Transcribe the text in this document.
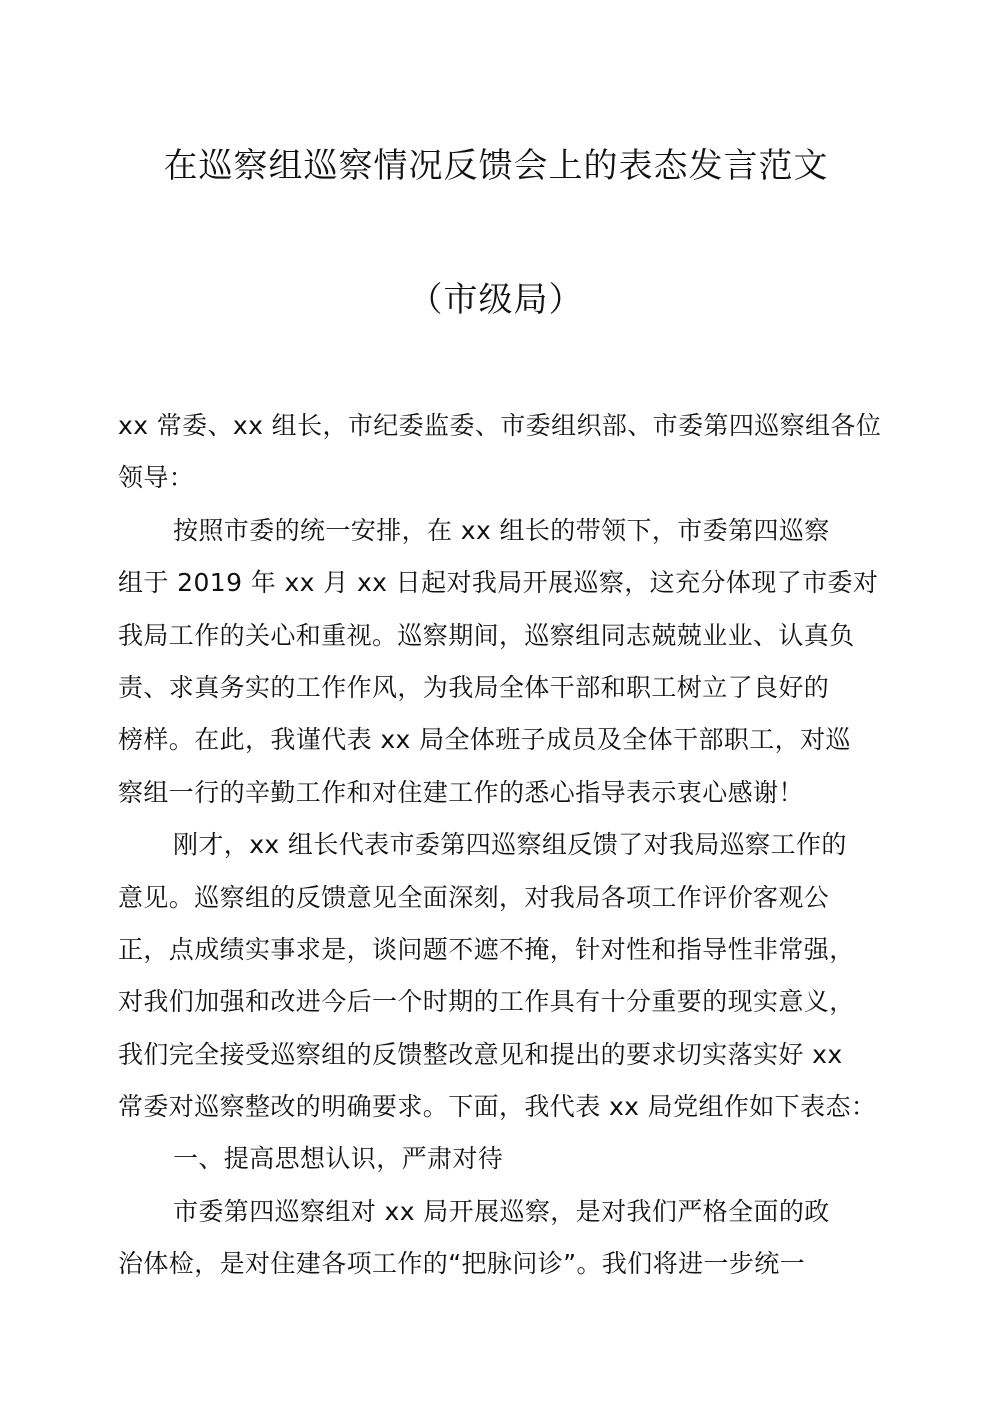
在巡察组巡察情况反馈会上的表态发言范文
（市级局）
xx 常委、xx 组长，市纪委监委、市委组织部、市委第四巡察组各位
领导：
按照市委的统一安排，在 xx 组长的带领下，市委第四巡察
组于 2019 年 xx 月 xx 日起对我局开展巡察，这充分体现了市委对
我局工作的关心和重视。巡察期间，巡察组同志兢兢业业、认真负
责、求真务实的工作作风，为我局全体干部和职工树立了良好的
榜样。在此，我谨代表 xx 局全体班子成员及全体干部职工，对巡
察组一行的辛勤工作和对住建工作的悉心指导表示衷心感谢！
刚才，xx 组长代表市委第四巡察组反馈了对我局巡察工作的
意见。巡察组的反馈意见全面深刻，对我局各项工作评价客观公
正，点成绩实事求是，谈问题不遮不掩，针对性和指导性非常强，
对我们加强和改进今后一个时期的工作具有十分重要的现实意义，
我们完全接受巡察组的反馈整改意见和提出的要求切实落实好 xx
常委对巡察整改的明确要求。下面，我代表 xx 局党组作如下表态：
一、提高思想认识，严肃对待
市委第四巡察组对 xx 局开展巡察，是对我们严格全面的政
治体检，是对住建各项工作的“把脉问诊”。我们将进一步统一
